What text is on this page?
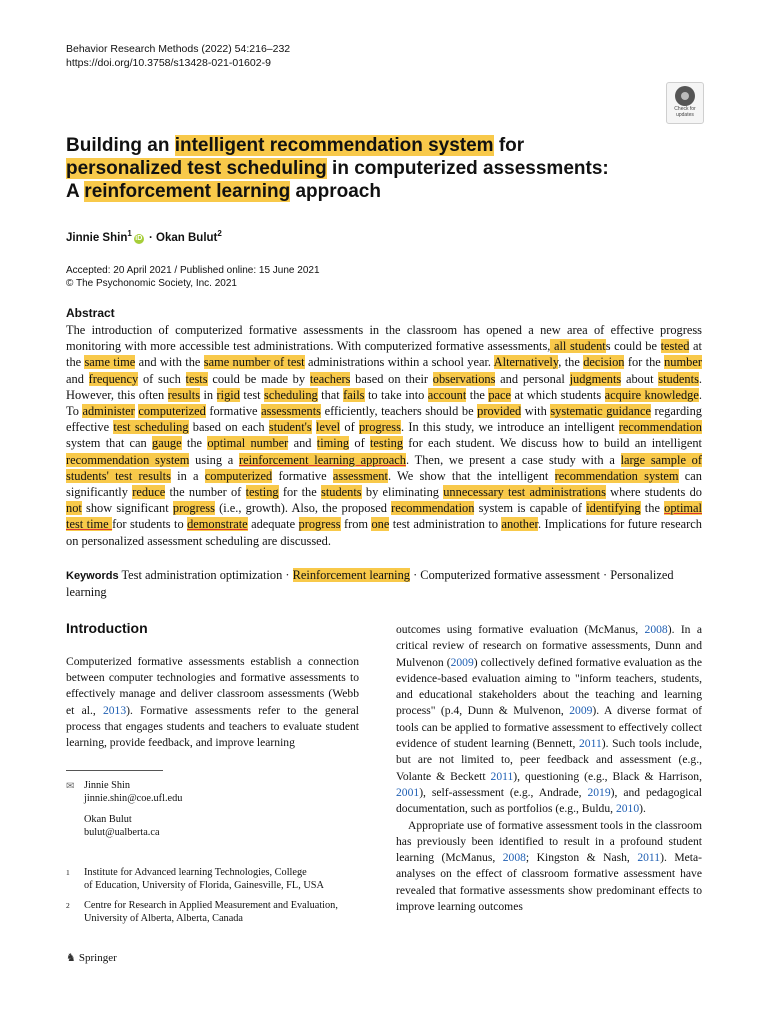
Behavior Research Methods (2022) 54:216–232
https://doi.org/10.3758/s13428-021-01602-9
Check for
updates
Building an intelligent recommendation system for personalized test scheduling in computerized assessments: A reinforcement learning approach
Jinnie Shin$^1$iD · Okan Bulut$^2$
Accepted: 20 April 2021 / Published online: 15 June 2021
© The Psychonomic Society, Inc. 2021
Abstract
The introduction of computerized formative assessments in the classroom has opened a new area of effective progress monitoring with more accessible test administrations. With computerized formative assessments, all students could be tested at the same time and with the same number of test administrations within a school year. Alternatively, the decision for the number and frequency of such tests could be made by teachers based on their observations and personal judgments about students. However, this often results in rigid test scheduling that fails to take into account the pace at which students acquire knowledge. To administer computerized formative assessments efficiently, teachers should be provided with systematic guidance regarding effective test scheduling based on each student's level of progress. In this study, we introduce an intelligent recommendation system that can gauge the optimal number and timing of testing for each student. We discuss how to build an intelligent recommendation system using a reinforcement learning approach. Then, we present a case study with a large sample of students' test results in a computerized formative assessment. We show that the intelligent recommendation system can significantly reduce the number of testing for the students by eliminating unnecessary test administrations where students do not show significant progress (i.e., growth). Also, the proposed recommendation system is capable of identifying the optimal test time for students to demonstrate adequate progress from one test administration to another. Implications for future research on personalized assessment scheduling are discussed.
Keywords Test administration optimization · Reinforcement learning · Computerized formative assessment · Personalized learning
Introduction
Computerized formative assessments establish a connection between computer technologies and formative assessments to effectively manage and deliver classroom assessments (Webb et al., 2013). Formative assessments refer to the general process that engages students and teachers to evaluate student learning, provide feedback, and improve learning

outcomes using formative evaluation (McManus, 2008). In a critical review of research on formative assessments, Dunn and Mulvenon (2009) collectively defined formative evaluation as the evidence-based evaluation aiming to "inform teachers, students, and educational stakeholders about the teaching and learning process" (p.4, Dunn & Mulvenon, 2009). A diverse format of tools can be applied to formative assessment to effectively collect evidence of student learning (Bennett, 2011). Such tools include, but are not limited to, peer feedback and assessment (e.g., Volante & Beckett 2011), questioning (e.g., Black & Harrison, 2001), self-assessment (e.g., Andrade, 2019), and pedagogical documentation, such as portfolios (e.g., Buldu, 2010).

Appropriate use of formative assessment tools in the classroom has previously been identified to result in a profound student learning (McManus, 2008; Kingston & Nash, 2011). Meta-analyses on the effect of classroom formative assessment have revealed that formative assessments show predominant effects to improve learning outcomes

✉ Jinnie Shin
jinnie.shin@coe.ufl.edu
Okan Bulut
bulut@ualberta.ca
1 Institute for Advanced learning Technologies, College
of Education, University of Florida, Gainesville, FL, USA
2 Centre for Research in Applied Measurement and Evaluation,
University of Alberta, Alberta, Canada
♞ Springer
